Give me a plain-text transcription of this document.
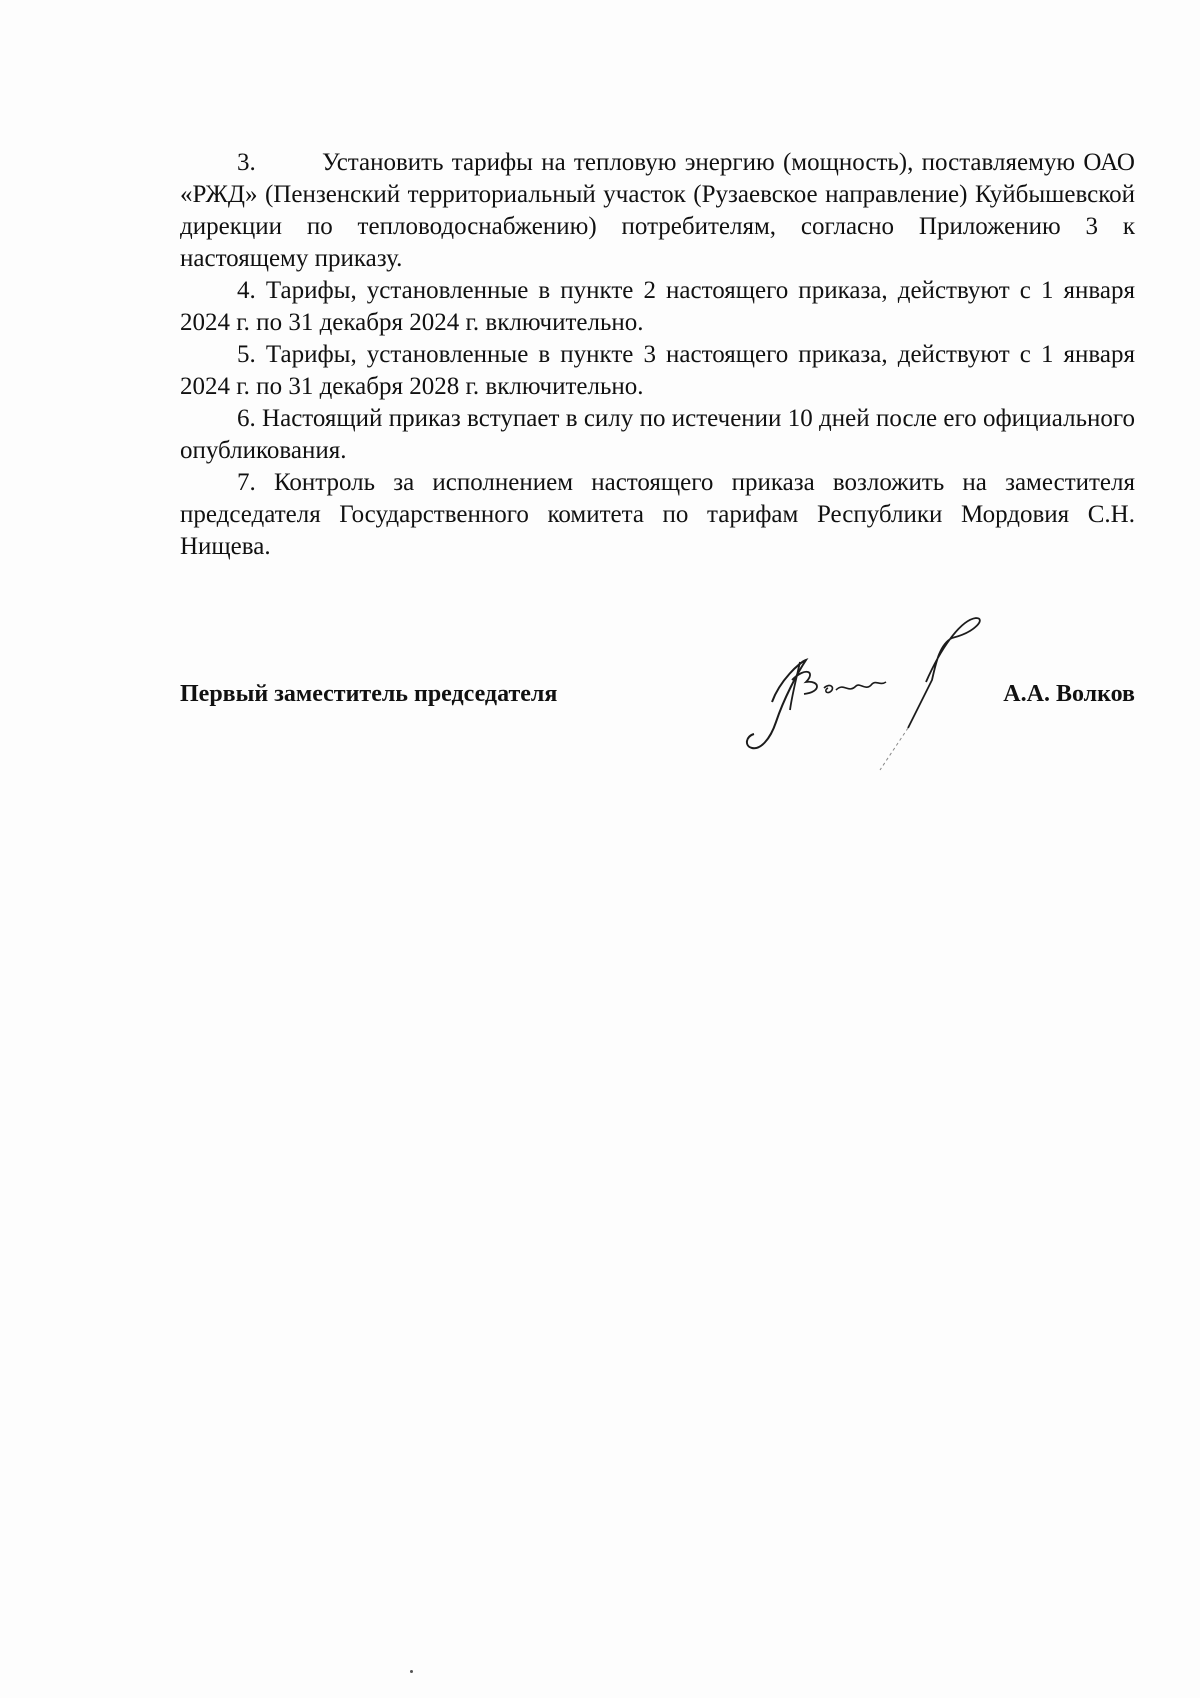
3.	Установить тарифы на тепловую энергию (мощность), поставляемую ОАО «РЖД» (Пензенский территориальный участок (Рузаевское направление) Куйбышевской дирекции по тепловодоснабжению) потребителям, согласно Приложению 3 к настоящему приказу.

4. Тарифы, установленные в пункте 2 настоящего приказа, действуют с 1 января 2024 г. по 31 декабря 2024 г. включительно.

5. Тарифы, установленные в пункте 3 настоящего приказа, действуют с 1 января 2024 г. по 31 декабря 2028 г. включительно.

6. Настоящий приказ вступает в силу по истечении 10 дней после его официального опубликования.

7. Контроль за исполнением настоящего приказа возложить на заместителя председателя Государственного комитета по тарифам Республики Мордовия С.Н. Нищева.

Первый заместитель председателя	А.А. Волков
